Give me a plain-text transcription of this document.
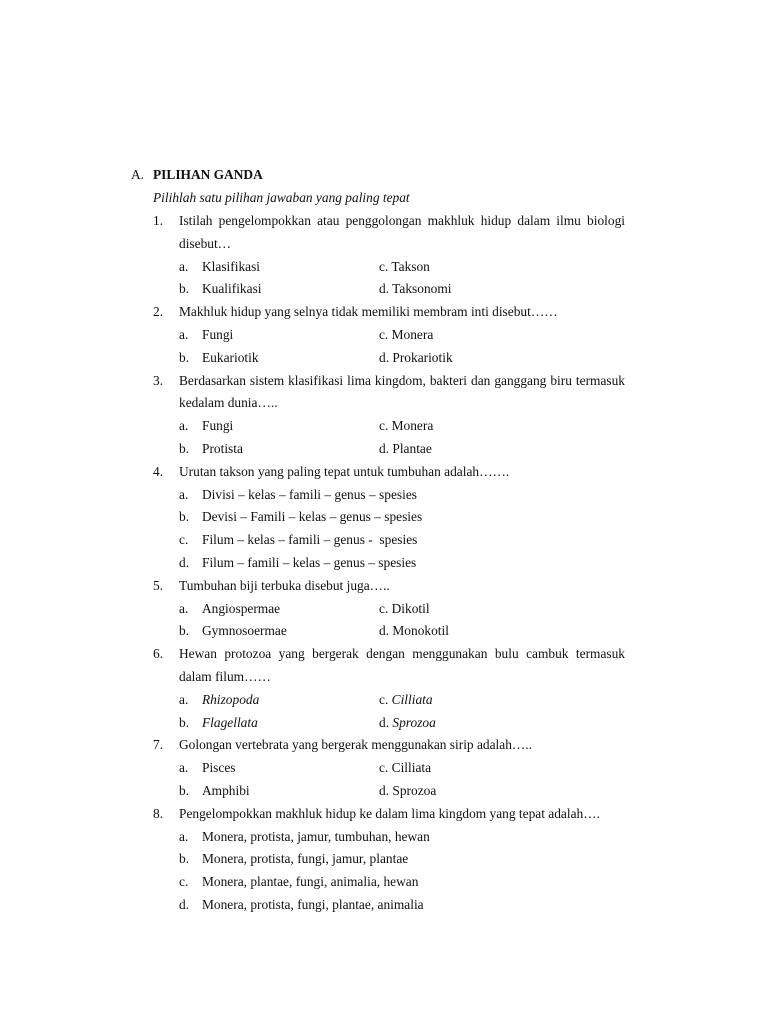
A. PILIHAN GANDA
Pilihlah satu pilihan jawaban yang paling tepat
1.	Istilah pengelompokkan atau penggolongan makhluk hidup dalam ilmu biologi disebut…
a.	Klasifikasi	c. Takson
b. Kualifikasi	d. Taksonomi
2.	Makhluk hidup yang selnya tidak memiliki membram inti disebut……
a.	Fungi	c. Monera
b. Eukariotik	d. Prokariotik
3.	Berdasarkan sistem klasifikasi lima kingdom, bakteri dan ganggang biru termasuk kedalam dunia…..
a.	Fungi	c. Monera
b. Protista	d. Plantae
4.	Urutan takson yang paling tepat untuk tumbuhan adalah…….
a.	Divisi – kelas – famili – genus – spesies
b. Devisi – Famili – kelas – genus – spesies
c.	Filum – kelas – famili – genus -  spesies
d. Filum – famili – kelas – genus – spesies
5.	Tumbuhan biji terbuka disebut juga…..
a.	Angiospermae	c. Dikotil
b. Gymnosoermae	d. Monokotil
6.	Hewan protozoa yang bergerak dengan menggunakan bulu cambuk termasuk dalam filum……
a.	Rhizopoda	c. Cilliata
b. Flagellata	d. Sprozoa
7.	Golongan vertebrata yang bergerak menggunakan sirip adalah…..
a.	Pisces	c. Cilliata
b. Amphibi	d. Sprozoa
8.	Pengelompokkan makhluk hidup ke dalam lima kingdom yang tepat adalah….
a.	Monera, protista, jamur, tumbuhan, hewan
b. Monera, protista, fungi, jamur, plantae
c.	Monera, plantae, fungi, animalia, hewan
d. Monera, protista, fungi, plantae, animalia
